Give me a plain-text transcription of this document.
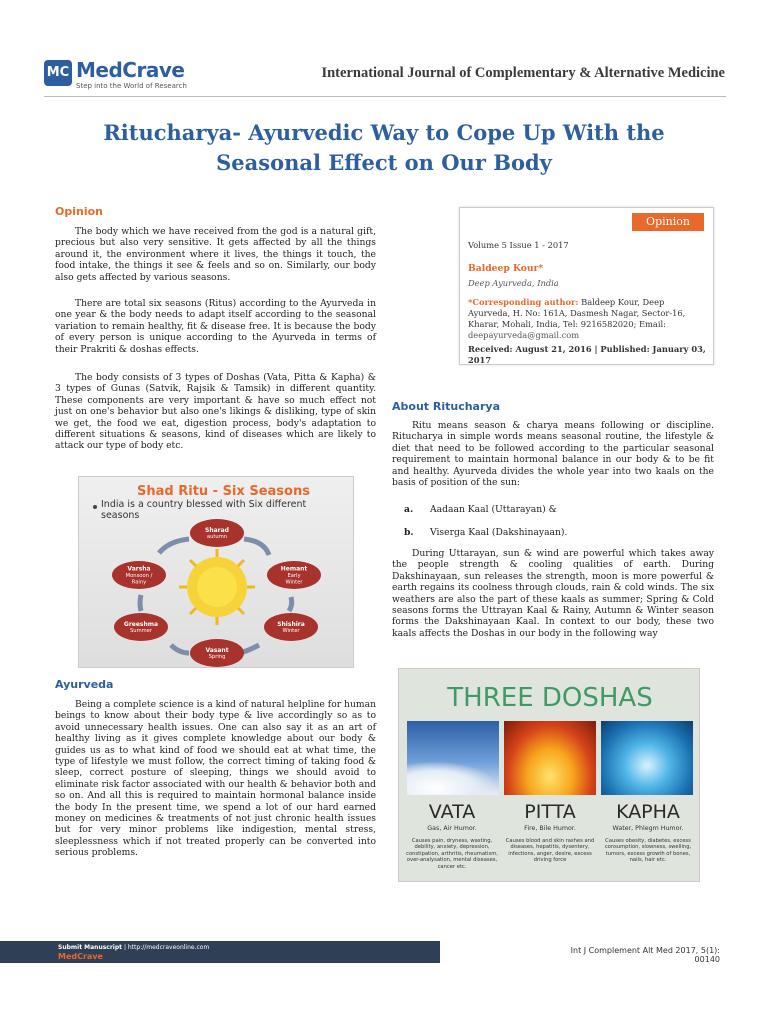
MC MedCrave
Step into the World of Research
International Journal of Complementary & Alternative Medicine
Ritucharya- Ayurvedic Way to Cope Up With the Seasonal Effect on Our Body
Opinion
The body which we have received from the god is a natural gift, precious but also very sensitive. It gets affected by all the things around it, the environment where it lives, the things it touch, the food intake, the things it see & feels and so on. Similarly, our body also gets affected by various seasons.
There are total six seasons (Ritus) according to the Ayurveda in one year & the body needs to adapt itself according to the seasonal variation to remain healthy, fit & disease free. It is because the body of every person is unique according to the Ayurveda in terms of their Prakriti & doshas effects.
The body consists of 3 types of Doshas (Vata, Pitta & Kapha) & 3 types of Gunas (Satvik, Rajsik & Tamsik) in different quantity. These components are very important & have so much effect not just on one's behavior but also one's likings & disliking, type of skin we get, the food we eat, digestion process, body's adaptation to different situations & seasons, kind of diseases which are likely to attack our type of body etc.
Shad Ritu - Six Seasons
India is a country blessed with Six different seasons
Sharad
autumn
Hemant
Early
Winter
Shishira
Winter
Vasant
Spring
Greeshma
Summer
Varsha
Monsoon /
Rainy
Ayurveda
Being a complete science is a kind of natural helpline for human beings to know about their body type & live accordingly so as to avoid unnecessary health issues. One can also say it as an art of healthy living as it gives complete knowledge about our body & guides us as to what kind of food we should eat at what time, the type of lifestyle we must follow, the correct timing of taking food & sleep, correct posture of sleeping, things we should avoid to eliminate risk factor associated with our health & behavior both and so on. And all this is required to maintain hormonal balance inside the body In the present time, we spend a lot of our hard earned money on medicines & treatments of not just chronic health issues but for very minor problems like indigestion, mental stress, sleeplessness which if not treated properly can be converted into serious problems.
Opinion
Volume 5 Issue 1 - 2017
Baldeep Kour*
Deep Ayurveda, India
*Corresponding author: Baldeep Kour, Deep Ayurveda, H. No: 161A, Dasmesh Nagar, Sector-16, Kharar, Mohali, India, Tel: 9216582020; Email: deepayurveda@gmail.com
Received: August 21, 2016 | Published: January 03, 2017
About Ritucharya
Ritu means season & charya means following or discipline. Ritucharya in simple words means seasonal routine, the lifestyle & diet that need to be followed according to the particular seasonal requirement to maintain hormonal balance in our body & to be fit and healthy. Ayurveda divides the whole year into two kaals on the basis of position of the sun:
a. Aadaan Kaal (Uttarayan) &
b. Viserga Kaal (Dakshinayaan).
During Uttarayan, sun & wind are powerful which takes away the people strength & cooling qualities of earth. During Dakshinayaan, sun releases the strength, moon is more powerful & earth regains its coolness through clouds, rain & cold winds. The six weathers are also the part of these kaals as summer; Spring & Cold seasons forms the Uttrayan Kaal & Rainy, Autumn & Winter season forms the Dakshinayaan Kaal. In context to our body, these two kaals affects the Doshas in our body in the following way
THREE DOSHAS
VATA
Gas, Air Humor.
Causes pain, dryness, wasting, debility, anxiety, depression, constipation, arthritis, rheumatism, over-analysation, mental diseases, cancer etc.
PITTA
Fire, Bile Humor.
Causes blood and skin rashes and diseases, hepatitis, dysentery, infections, anger, desire, excess driving force
KAPHA
Water, Phlegm Humor.
Causes obesity, diabetes, excess consumption, slowness, swelling, tumors, excess growth of bones, nails, hair etc.
Submit Manuscript | http://medcraveonline.com
MedCrave
Int J Complement Alt Med 2017, 5(1): 00140
